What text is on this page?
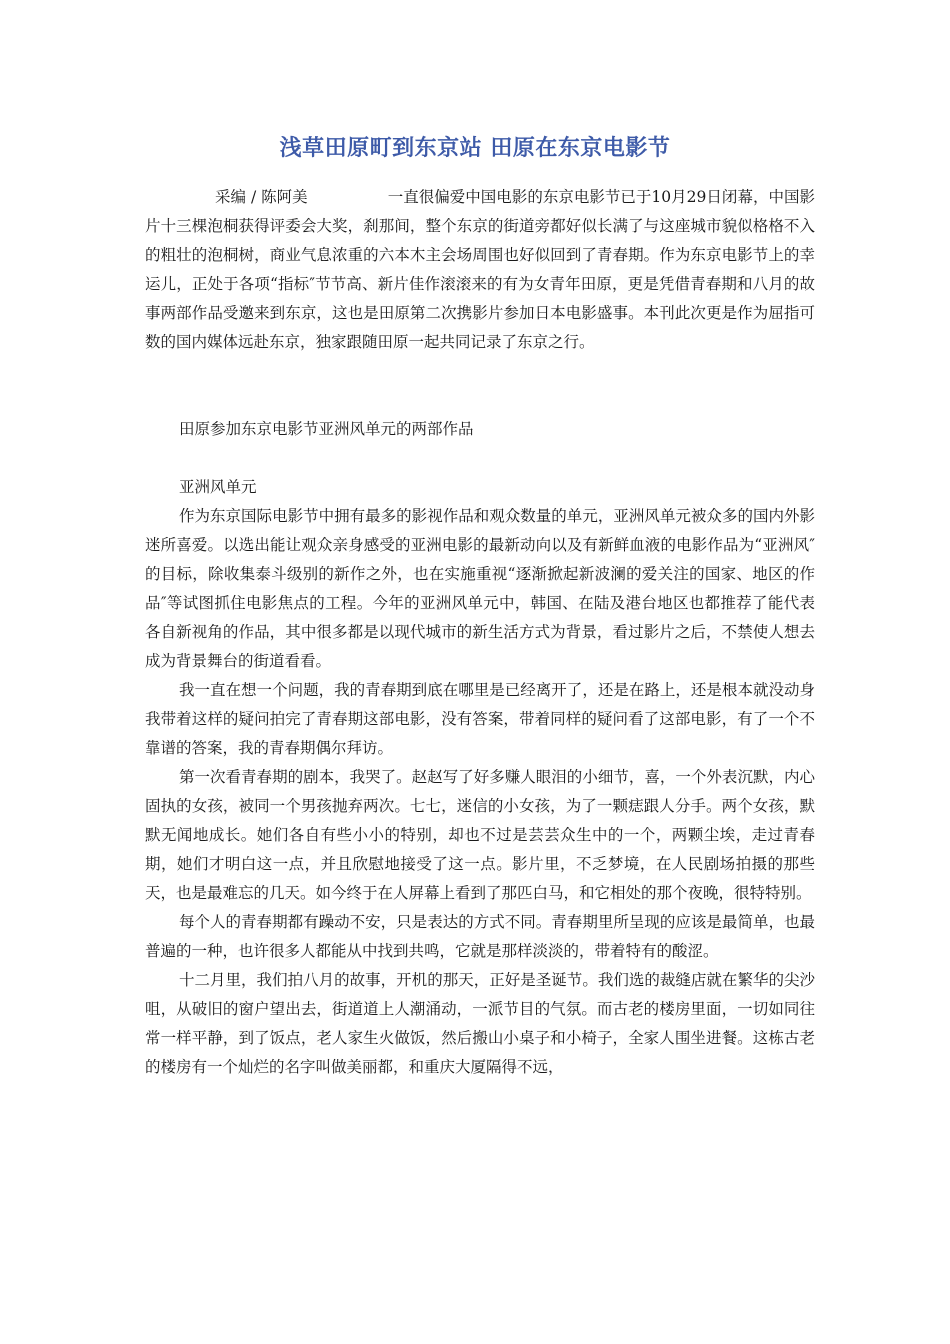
浅草田原町到东京站 田原在东京电影节

采编 / 陈阿美	一直很偏爱中国电影的东京电影节已于10月29日闭幕，中国影片十三棵泡桐获得评委会大奖，刹那间，整个东京的街道旁都好似长满了与这座城市貌似格格不入的粗壮的泡桐树，商业气息浓重的六本木主会场周围也好似回到了青春期。作为东京电影节上的幸运儿，正处于各项“指标″节节高、新片佳作滚滚来的有为女青年田原，更是凭借青春期和八月的故事两部作品受邀来到东京，这也是田原第二次携影片参加日本电影盛事。本刊此次更是作为屈指可数的国内媒体远赴东京，独家跟随田原一起共同记录了东京之行。

田原参加东京电影节亚洲风单元的两部作品

亚洲风单元

作为东京国际电影节中拥有最多的影视作品和观众数量的单元，亚洲风单元被众多的国内外影迷所喜爱。以选出能让观众亲身感受的亚洲电影的最新动向以及有新鲜血液的电影作品为“亚洲风″的目标，除收集泰斗级别的新作之外，也在实施重视“逐渐掀起新波澜的爱关注的国家、地区的作品″等试图抓住电影焦点的工程。今年的亚洲风单元中，韩国、在陆及港台地区也都推荐了能代表各自新视角的作品，其中很多都是以现代城市的新生活方式为背景，看过影片之后，不禁使人想去成为背景舞台的街道看看。

我一直在想一个问题，我的青春期到底在哪里是已经离开了，还是在路上，还是根本就没动身我带着这样的疑问拍完了青春期这部电影，没有答案，带着同样的疑问看了这部电影，有了一个不靠谱的答案，我的青春期偶尔拜访。

第一次看青春期的剧本，我哭了。赵赵写了好多赚人眼泪的小细节，喜，一个外表沉默，内心固执的女孩，被同一个男孩抛弃两次。七七，迷信的小女孩，为了一颗痣跟人分手。两个女孩，默默无闻地成长。她们各自有些小小的特别，却也不过是芸芸众生中的一个，两颗尘埃，走过青春期，她们才明白这一点，并且欣慰地接受了这一点。影片里，不乏梦境，在人民剧场拍摄的那些天，也是最难忘的几天。如今终于在人屏幕上看到了那匹白马，和它相处的那个夜晚，很特特别。

每个人的青春期都有躁动不安，只是表达的方式不同。青春期里所呈现的应该是最简单，也最普遍的一种，也许很多人都能从中找到共鸣，它就是那样淡淡的，带着特有的酸涩。

十二月里，我们拍八月的故事，开机的那天，正好是圣诞节。我们选的裁缝店就在繁华的尖沙咀，从破旧的窗户望出去，街道道上人潮涌动，一派节目的气氛。而古老的楼房里面，一切如同往常一样平静，到了饭点，老人家生火做饭，然后搬山小桌子和小椅子，全家人围坐进餐。这栋古老的楼房有一个灿烂的名字叫做美丽都，和重庆大厦隔得不远，
